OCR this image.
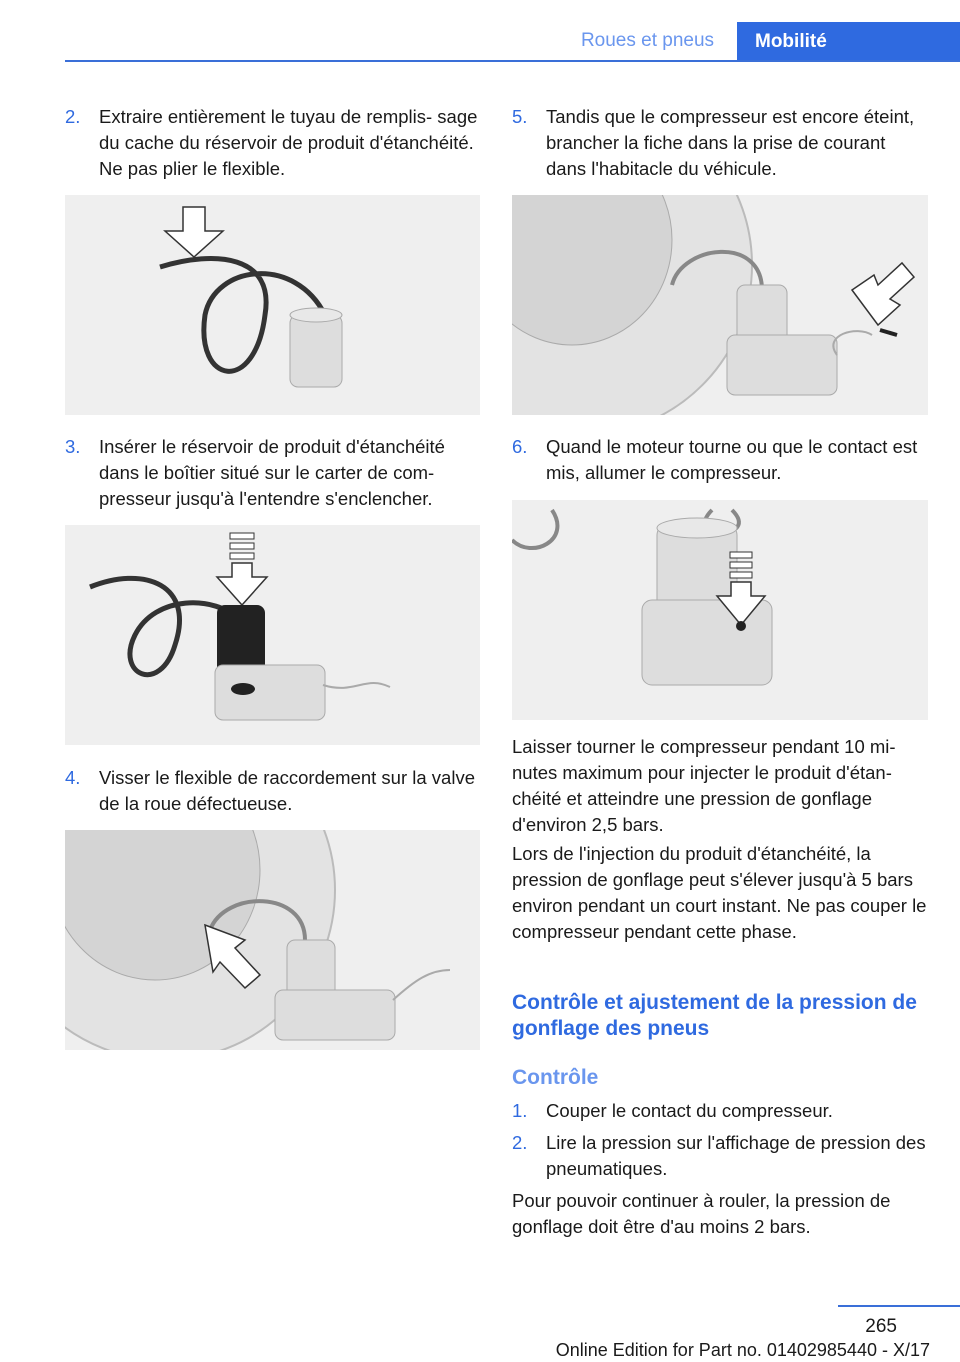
Roues et pneus	Mobilité
2. Extraire entièrement le tuyau de remplis‐ sage du cache du réservoir de produit d'étanchéité. Ne pas plier le flexible.
3. Insérer le réservoir de produit d'étanchéité dans le boîtier situé sur le carter de com‐ presseur jusqu'à l'entendre s'enclencher.
4. Visser le flexible de raccordement sur la valve de la roue défectueuse.
5. Tandis que le compresseur est encore éteint, brancher la fiche dans la prise de courant dans l'habitacle du véhicule.
6. Quand le moteur tourne ou que le contact est mis, allumer le compresseur.
Laisser tourner le compresseur pendant 10 mi‐ nutes maximum pour injecter le produit d'étan‐ chéité et atteindre une pression de gonflage d'environ 2,5 bars.
Lors de l'injection du produit d'étanchéité, la pression de gonflage peut s'élever jusqu'à 5 bars environ pendant un court instant. Ne pas couper le compresseur pendant cette phase.
Contrôle et ajustement de la pression de gonflage des pneus
Contrôle
1. Couper le contact du compresseur.
2. Lire la pression sur l'affichage de pression des pneumatiques.
Pour pouvoir continuer à rouler, la pression de gonflage doit être d'au moins 2 bars.
265
Online Edition for Part no. 01402985440 - X/17
